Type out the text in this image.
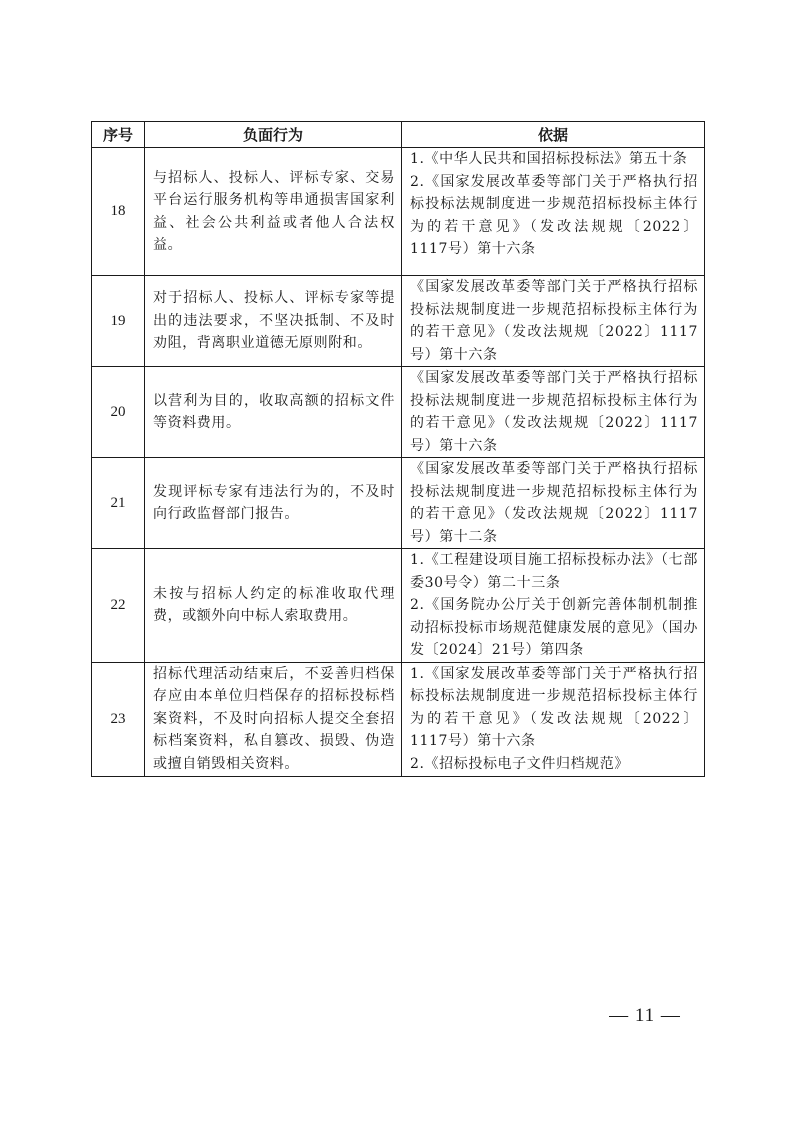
序号	负面行为	依据
18	与招标人、投标人、评标专家、交易平台运行服务机构等串通损害国家利益、社会公共利益或者他人合法权益。	1.《中华人民共和国招标投标法》第五十条
2.《国家发展改革委等部门关于严格执行招标投标法规制度进一步规范招标投标主体行为的若干意见》（发改法规规〔2022〕1117号）第十六条

19	对于招标人、投标人、评标专家等提出的违法要求，不坚决抵制、不及时劝阻，背离职业道德无原则附和。	《国家发展改革委等部门关于严格执行招标投标法规制度进一步规范招标投标主体行为的若干意见》（发改法规规〔2022〕1117号）第十六条

20	以营利为目的，收取高额的招标文件等资料费用。	《国家发展改革委等部门关于严格执行招标投标法规制度进一步规范招标投标主体行为的若干意见》（发改法规规〔2022〕1117号）第十六条

21	发现评标专家有违法行为的，不及时向行政监督部门报告。	《国家发展改革委等部门关于严格执行招标投标法规制度进一步规范招标投标主体行为的若干意见》（发改法规规〔2022〕1117号）第十二条

22	未按与招标人约定的标准收取代理费，或额外向中标人索取费用。	1.《工程建设项目施工招标投标办法》（七部委30号令）第二十三条
2.《国务院办公厅关于创新完善体制机制推动招标投标市场规范健康发展的意见》（国办发〔2024〕21号）第四条

23	招标代理活动结束后，不妥善归档保存应由本单位归档保存的招标投标档案资料，不及时向招标人提交全套招标档案资料，私自篡改、损毁、伪造或擅自销毁相关资料。	1.《国家发展改革委等部门关于严格执行招标投标法规制度进一步规范招标投标主体行为的若干意见》（发改法规规〔2022〕1117号）第十六条
2.《招标投标电子文件归档规范》
— 11 —
